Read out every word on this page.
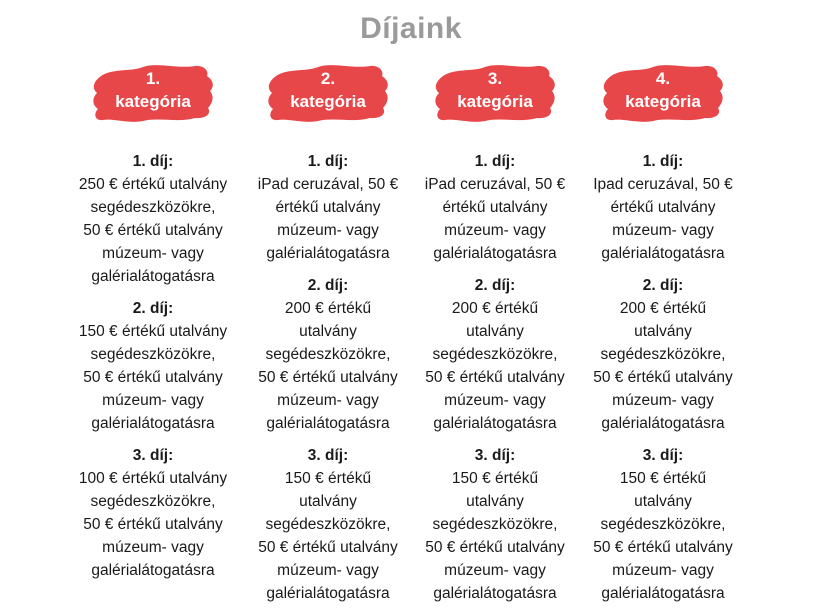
Díjaink
1.
kategória
1. díj:
250 € értékű utalvány
segédeszközökre,
50 € értékű utalvány
múzeum- vagy
galérialátogatásra
2. díj:
150 € értékű utalvány
segédeszközökre,
50 € értékű utalvány
múzeum- vagy
galérialátogatásra
3. díj:
100 € értékű utalvány
segédeszközökre,
50 € értékű utalvány
múzeum- vagy
galérialátogatásra
2.
kategória
1. díj:
iPad ceruzával, 50 €
értékű utalvány
múzeum- vagy
galérialátogatásra
2. díj:
200 € értékű
utalvány
segédeszközökre,
50 € értékű utalvány
múzeum- vagy
galérialátogatásra
3. díj:
150 € értékű
utalvány
segédeszközökre,
50 € értékű utalvány
múzeum- vagy
galérialátogatásra
3.
kategória
1. díj:
iPad ceruzával, 50 €
értékű utalvány
múzeum- vagy
galérialátogatásra
2. díj:
200 € értékű
utalvány
segédeszközökre,
50 € értékű utalvány
múzeum- vagy
galérialátogatásra
3. díj:
150 € értékű
utalvány
segédeszközökre,
50 € értékű utalvány
múzeum- vagy
galérialátogatásra
4.
kategória
1. díj:
Ipad ceruzával, 50 €
értékű utalvány
múzeum- vagy
galérialátogatásra
2. díj:
200 € értékű
utalvány
segédeszközökre,
50 € értékű utalvány
múzeum- vagy
galérialátogatásra
3. díj:
150 € értékű
utalvány
segédeszközökre,
50 € értékű utalvány
múzeum- vagy
galérialátogatásra
